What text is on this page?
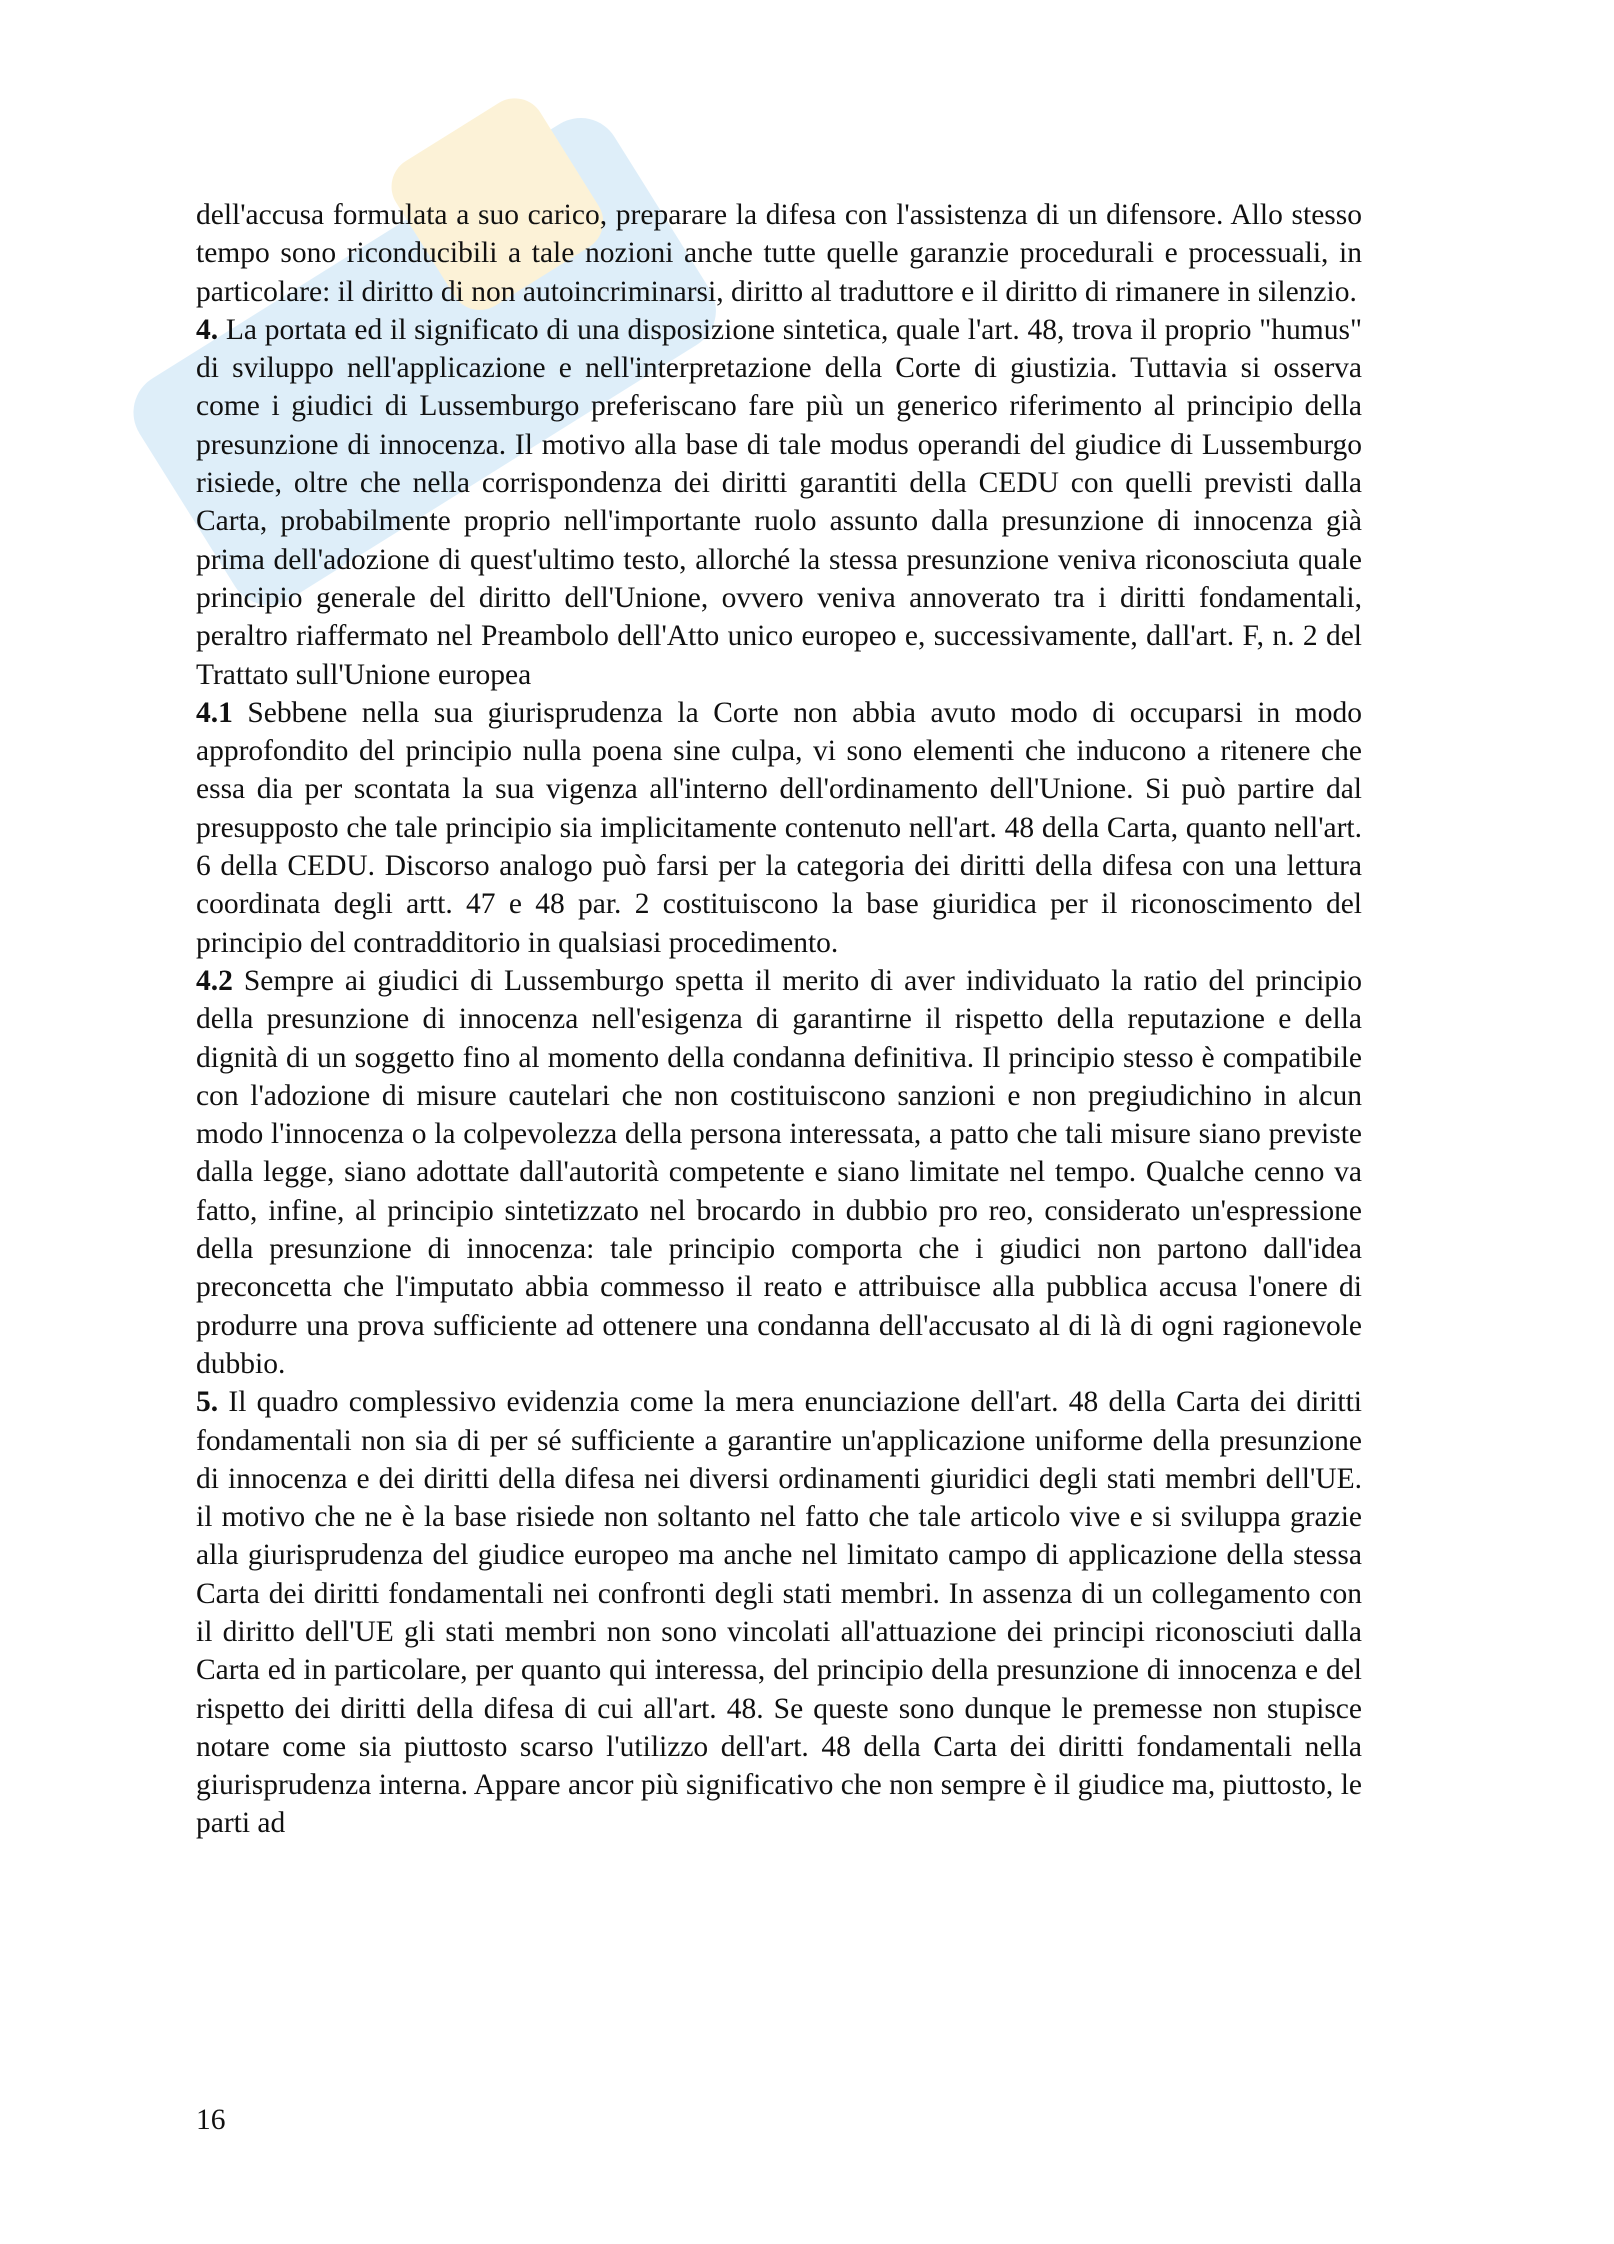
dell'accusa formulata a suo carico, preparare la difesa con l'assistenza di un difensore. Allo stesso tempo sono riconducibili a tale nozioni anche tutte quelle garanzie procedurali e processuali, in particolare: il diritto di non autoincriminarsi, diritto al traduttore e il diritto di rimanere in silenzio.

4. La portata ed il significato di una disposizione sintetica, quale l'art. 48, trova il proprio "humus" di sviluppo nell'applicazione e nell'interpretazione della Corte di giustizia. Tuttavia si osserva come i giudici di Lussemburgo preferiscano fare più un generico riferimento al principio della presunzione di innocenza. Il motivo alla base di tale modus operandi del giudice di Lussemburgo risiede, oltre che nella corrispondenza dei diritti garantiti della CEDU con quelli previsti dalla Carta, probabilmente proprio nell'importante ruolo assunto dalla presunzione di innocenza già prima dell'adozione di quest'ultimo testo, allorché la stessa presunzione veniva riconosciuta quale principio generale del diritto dell'Unione, ovvero veniva annoverato tra i diritti fondamentali, peraltro riaffermato nel Preambolo dell'Atto unico europeo e, successivamente, dall'art. F, n. 2 del Trattato sull'Unione europea

4.1 Sebbene nella sua giurisprudenza la Corte non abbia avuto modo di occuparsi in modo approfondito del principio nulla poena sine culpa, vi sono elementi che inducono a ritenere che essa dia per scontata la sua vigenza all'interno dell'ordinamento dell'Unione. Si può partire dal presupposto che tale principio sia implicitamente contenuto nell'art. 48 della Carta, quanto nell'art. 6 della CEDU. Discorso analogo può farsi per la categoria dei diritti della difesa con una lettura coordinata degli artt. 47 e 48 par. 2 costituiscono la base giuridica per il riconoscimento del principio del contradditorio in qualsiasi procedimento.

4.2 Sempre ai giudici di Lussemburgo spetta il merito di aver individuato la ratio del principio della presunzione di innocenza nell'esigenza di garantirne il rispetto della reputazione e della dignità di un soggetto fino al momento della condanna definitiva. Il principio stesso è compatibile con l'adozione di misure cautelari che non costituiscono sanzioni e non pregiudichino in alcun modo l'innocenza o la colpevolezza della persona interessata, a patto che tali misure siano previste dalla legge, siano adottate dall'autorità competente e siano limitate nel tempo. Qualche cenno va fatto, infine, al principio sintetizzato nel brocardo in dubbio pro reo, considerato un'espressione della presunzione di innocenza: tale principio comporta che i giudici non partono dall'idea preconcetta che l'imputato abbia commesso il reato e attribuisce alla pubblica accusa l'onere di produrre una prova sufficiente ad ottenere una condanna dell'accusato al di là di ogni ragionevole dubbio.

5. Il quadro complessivo evidenzia come la mera enunciazione dell'art. 48 della Carta dei diritti fondamentali non sia di per sé sufficiente a garantire un'applicazione uniforme della presunzione di innocenza e dei diritti della difesa nei diversi ordinamenti giuridici degli stati membri dell'UE. il motivo che ne è la base risiede non soltanto nel fatto che tale articolo vive e si sviluppa grazie alla giurisprudenza del giudice europeo ma anche nel limitato campo di applicazione della stessa Carta dei diritti fondamentali nei confronti degli stati membri. In assenza di un collegamento con il diritto dell'UE gli stati membri non sono vincolati all'attuazione dei principi riconosciuti dalla Carta ed in particolare, per quanto qui interessa, del principio della presunzione di innocenza e del rispetto dei diritti della difesa di cui all'art. 48. Se queste sono dunque le premesse non stupisce notare come sia piuttosto scarso l'utilizzo dell'art. 48 della Carta dei diritti fondamentali nella giurisprudenza interna. Appare ancor più significativo che non sempre è il giudice ma, piuttosto, le parti ad

16
